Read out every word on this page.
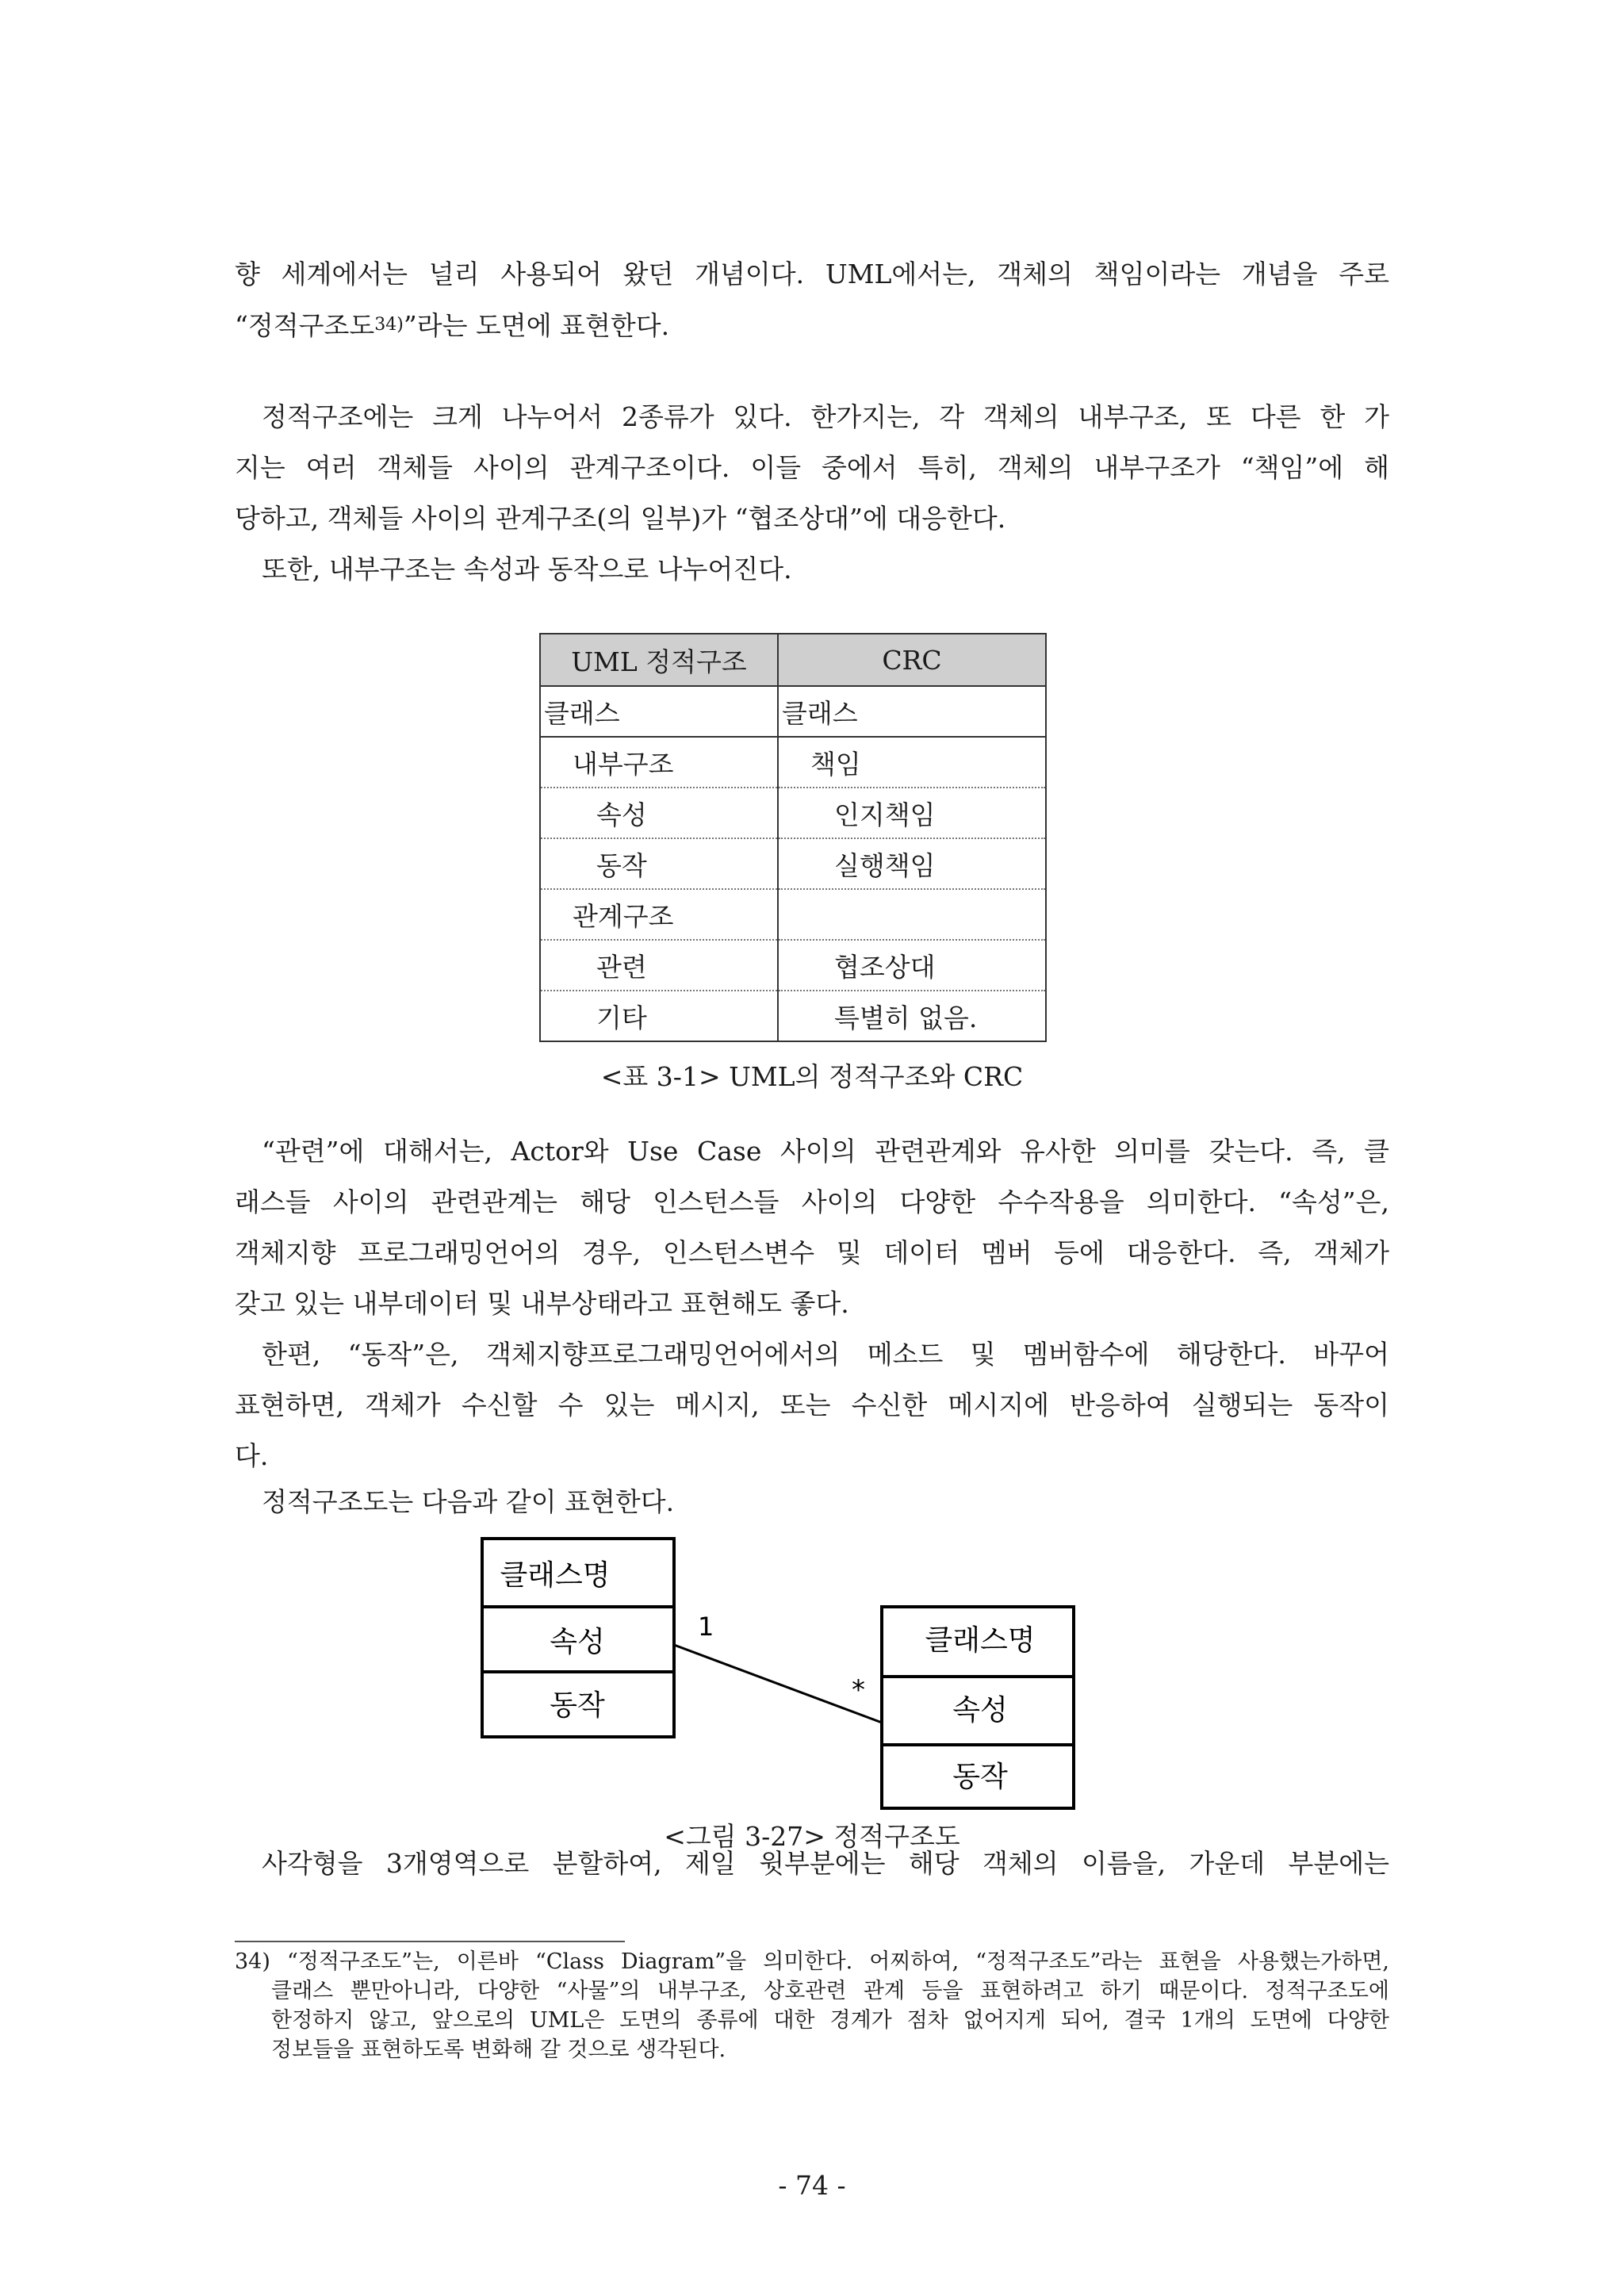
향 세계에서는 널리 사용되어 왔던 개념이다. UML에서는, 객체의 책임이라는 개념을 주로
“정적구조도34)”라는 도면에 표현한다.

정적구조에는 크게 나누어서 2종류가 있다. 한가지는, 각 객체의 내부구조, 또 다른 한 가
지는 여러 객체들 사이의 관계구조이다. 이들 중에서 특히, 객체의 내부구조가 “책임”에 해
당하고, 객체들 사이의 관계구조(의 일부)가 “협조상대”에 대응한다.
또한, 내부구조는 속성과 동작으로 나누어진다.

UML 정적구조	CRC
클래스	클래스
내부구조	책임
속성	인지책임
동작	실행책임
관계구조	
관련	협조상대
기타	특별히 없음.
<표 3-1> UML의 정적구조와 CRC

“관련”에 대해서는, Actor와 Use Case 사이의 관련관계와 유사한 의미를 갖는다. 즉, 클
래스들 사이의 관련관계는 해당 인스턴스들 사이의 다양한 수수작용을 의미한다. “속성”은,
객체지향 프로그래밍언어의 경우, 인스턴스변수 및 데이터 멤버 등에 대응한다. 즉, 객체가
갖고 있는 내부데이터 및 내부상태라고 표현해도 좋다.
한편, “동작”은, 객체지향프로그래밍언어에서의 메소드 및 멤버함수에 해당한다. 바꾸어
표현하면, 객체가 수신할 수 있는 메시지, 또는 수신한 메시지에 반응하여 실행되는 동작이
다.

정적구조도는 다음과 같이 표현한다.

클래스명
속성
동작
클래스명
속성
동작
1
*
<그림 3-27> 정적구조도

사각형을 3개영역으로 분할하여, 제일 윗부분에는 해당 객체의 이름을, 가운데 부분에는

34) “정적구조도”는, 이른바 “Class Diagram”을 의미한다. 어찌하여, “정적구조도”라는 표현을 사용했는가하면,
클래스 뿐만아니라, 다양한 “사물”의 내부구조, 상호관련 관계 등을 표현하려고 하기 때문이다. 정적구조도에
한정하지 않고, 앞으로의 UML은 도면의 종류에 대한 경계가 점차 없어지게 되어, 결국 1개의 도면에 다양한
정보들을 표현하도록 변화해 갈 것으로 생각된다.

- 74 -
